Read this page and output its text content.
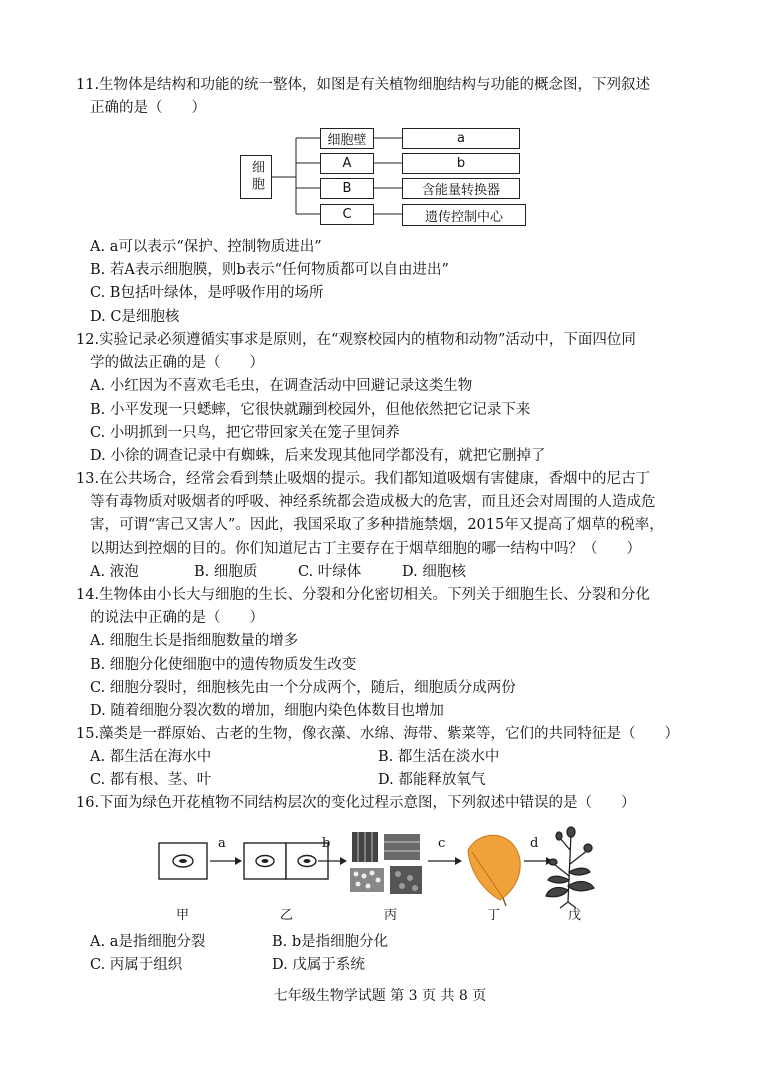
11.生物体是结构和功能的统一整体，如图是有关植物细胞结构与功能的概念图，下列叙述
正确的是（　　）
细胞
细胞壁
A
B
C
a
b
含能量转换器
遗传控制中心
A. a可以表示“保护、控制物质进出”
B. 若A表示细胞膜，则b表示“任何物质都可以自由进出”
C. B包括叶绿体，是呼吸作用的场所
D. C是细胞核
12.实验记录必须遵循实事求是原则，在“观察校园内的植物和动物”活动中，下面四位同
学的做法正确的是（　　）
A. 小红因为不喜欢毛毛虫，在调查活动中回避记录这类生物
B. 小平发现一只蟋蟀，它很快就蹦到校园外，但他依然把它记录下来
C. 小明抓到一只鸟，把它带回家关在笼子里饲养
D. 小徐的调查记录中有蜘蛛，后来发现其他同学都没有，就把它删掉了
13.在公共场合，经常会看到禁止吸烟的提示。我们都知道吸烟有害健康，香烟中的尼古丁
等有毒物质对吸烟者的呼吸、神经系统都会造成极大的危害，而且还会对周围的人造成危
害，可谓“害己又害人”。因此，我国采取了多种措施禁烟，2015年又提高了烟草的税率，
以期达到控烟的目的。你们知道尼古丁主要存在于烟草细胞的哪一结构中吗？（　　）
A. 液泡	B. 细胞质	C. 叶绿体	D. 细胞核
14.生物体由小长大与细胞的生长、分裂和分化密切相关。下列关于细胞生长、分裂和分化
的说法中正确的是（　　）
A. 细胞生长是指细胞数量的增多
B. 细胞分化使细胞中的遗传物质发生改变
C. 细胞分裂时，细胞核先由一个分成两个，随后，细胞质分成两份
D. 随着细胞分裂次数的增加，细胞内染色体数目也增加
15.藻类是一群原始、古老的生物，像衣藻、水绵、海带、紫菜等，它们的共同特征是（　　）
A. 都生活在海水中	B. 都生活在淡水中
C. 都有根、茎、叶	D. 都能释放氧气
16.下面为绿色开花植物不同结构层次的变化过程示意图，下列叙述中错误的是（　　）
a	b	c	d
甲	乙	丙	丁	戊
A. a是指细胞分裂	B. b是指细胞分化
C. 丙属于组织	D. 戊属于系统
七年级生物学试题 第 3 页 共 8 页
